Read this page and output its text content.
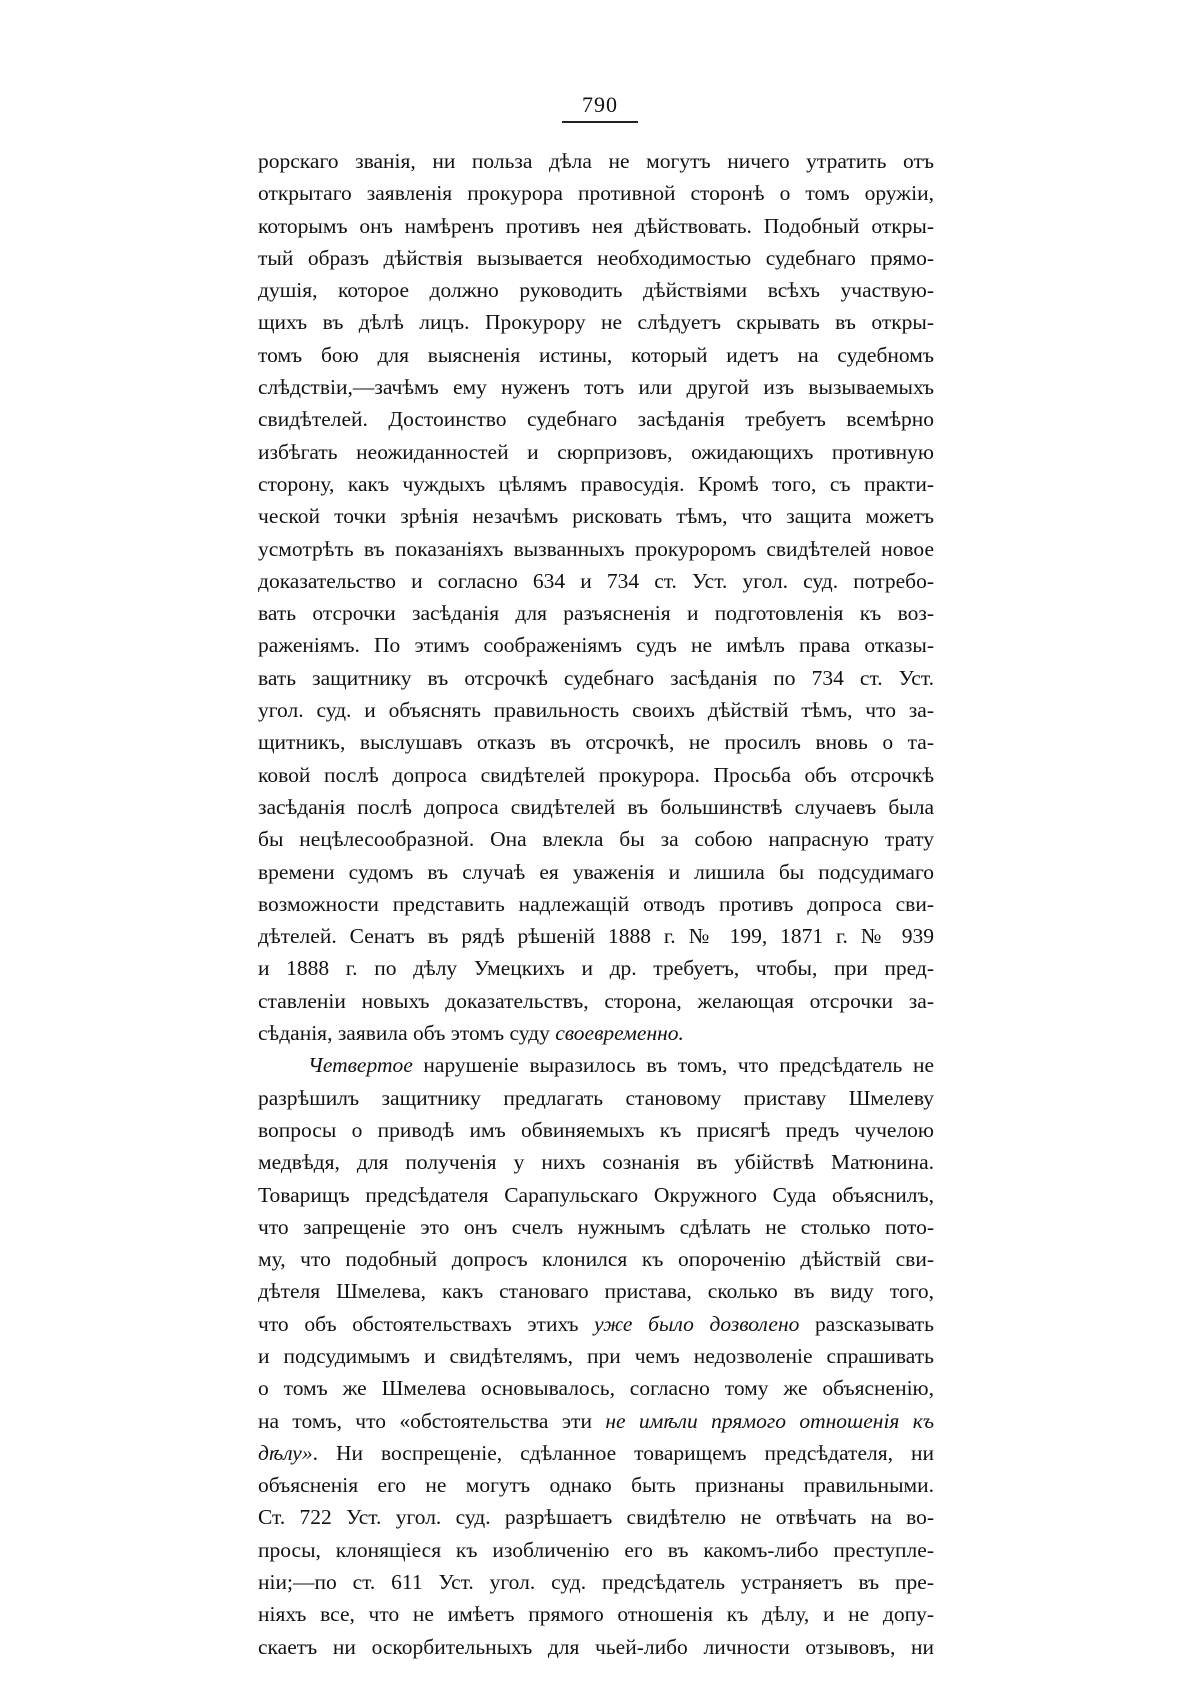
790
рорскаго званія, ни польза дѣла не могутъ ничего утратить отъ
открытаго заявленія прокурора противной сторонѣ о томъ оружіи,
которымъ онъ намѣренъ противъ нея дѣйствовать. Подобный откры-
тый образъ дѣйствія вызывается необходимостью судебнаго прямо-
душія, которое должно руководить дѣйствіями всѣхъ участвую-
щихъ въ дѣлѣ лицъ. Прокурору не слѣдуетъ скрывать въ откры-
томъ бою для выясненія истины, который идетъ на судебномъ
слѣдствіи,—зачѣмъ ему нуженъ тотъ или другой изъ вызываемыхъ
свидѣтелей. Достоинство судебнаго засѣданія требуетъ всемѣрно
избѣгать неожиданностей и сюрпризовъ, ожидающихъ противную
сторону, какъ чуждыхъ цѣлямъ правосудія. Кромѣ того, съ практи-
ческой точки зрѣнія незачѣмъ рисковать тѣмъ, что защита можетъ
усмотрѣть въ показаніяхъ вызванныхъ прокуроромъ свидѣтелей новое
доказательство и согласно 634 и 734 ст. Уст. угол. суд. потребо-
вать отсрочки засѣданія для разъясненія и подготовленія къ воз-
раженіямъ. По этимъ соображеніямъ судъ не имѣлъ права отказы-
вать защитнику въ отсрочкѣ судебнаго засѣданія по 734 ст. Уст.
угол. суд. и объяснять правильность своихъ дѣйствій тѣмъ, что за-
щитникъ, выслушавъ отказъ въ отсрочкѣ, не просилъ вновь о та-
ковой послѣ допроса свидѣтелей прокурора. Просьба объ отсрочкѣ
засѣданія послѣ допроса свидѣтелей въ большинствѣ случаевъ была
бы нецѣлесообразной. Она влекла бы за собою напрасную трату
времени судомъ въ случаѣ ея уваженія и лишила бы подсудимаго
возможности представить надлежащій отводъ противъ допроса сви-
дѣтелей. Сенатъ въ рядѣ рѣшеній 1888 г. № 199, 1871 г. № 939
и 1888 г. по дѣлу Умецкихъ и др. требуетъ, чтобы, при пред-
ставленіи новыхъ доказательствъ, сторона, желающая отсрочки за-
сѣданія, заявила объ этомъ суду своевременно.
Четвертое нарушеніе выразилось въ томъ, что предсѣдатель не
разрѣшилъ защитнику предлагать становому приставу Шмелеву
вопросы о приводѣ имъ обвиняемыхъ къ присягѣ предъ чучелою
медвѣдя, для полученія у нихъ сознанія въ убійствѣ Матюнина.
Товарищъ предсѣдателя Сарапульскаго Окружного Суда объяснилъ,
что запрещеніе это онъ счелъ нужнымъ сдѣлать не столько пото-
му, что подобный допросъ клонился къ опороченію дѣйствій сви-
дѣтеля Шмелева, какъ становаго пристава, сколько въ виду того,
что объ обстоятельствахъ этихъ уже было дозволено разсказывать
и подсудимымъ и свидѣтелямъ, при чемъ недозволеніе спрашивать
о томъ же Шмелева основывалось, согласно тому же объясненію,
на томъ, что «обстоятельства эти не имѣли прямого отношенія къ
дѣлу». Ни воспрещеніе, сдѣланное товарищемъ предсѣдателя, ни
объясненія его не могутъ однако быть признаны правильными.
Ст. 722 Уст. угол. суд. разрѣшаетъ свидѣтелю не отвѣчать на во-
просы, клонящіеся къ изобличенію его въ какомъ-либо преступле-
ніи;—по ст. 611 Уст. угол. суд. предсѣдатель устраняетъ въ пре-
ніяхъ все, что не имѣетъ прямого отношенія къ дѣлу, и не допу-
скаетъ ни оскорбительныхъ для чьей-либо личности отзывовъ, ни
